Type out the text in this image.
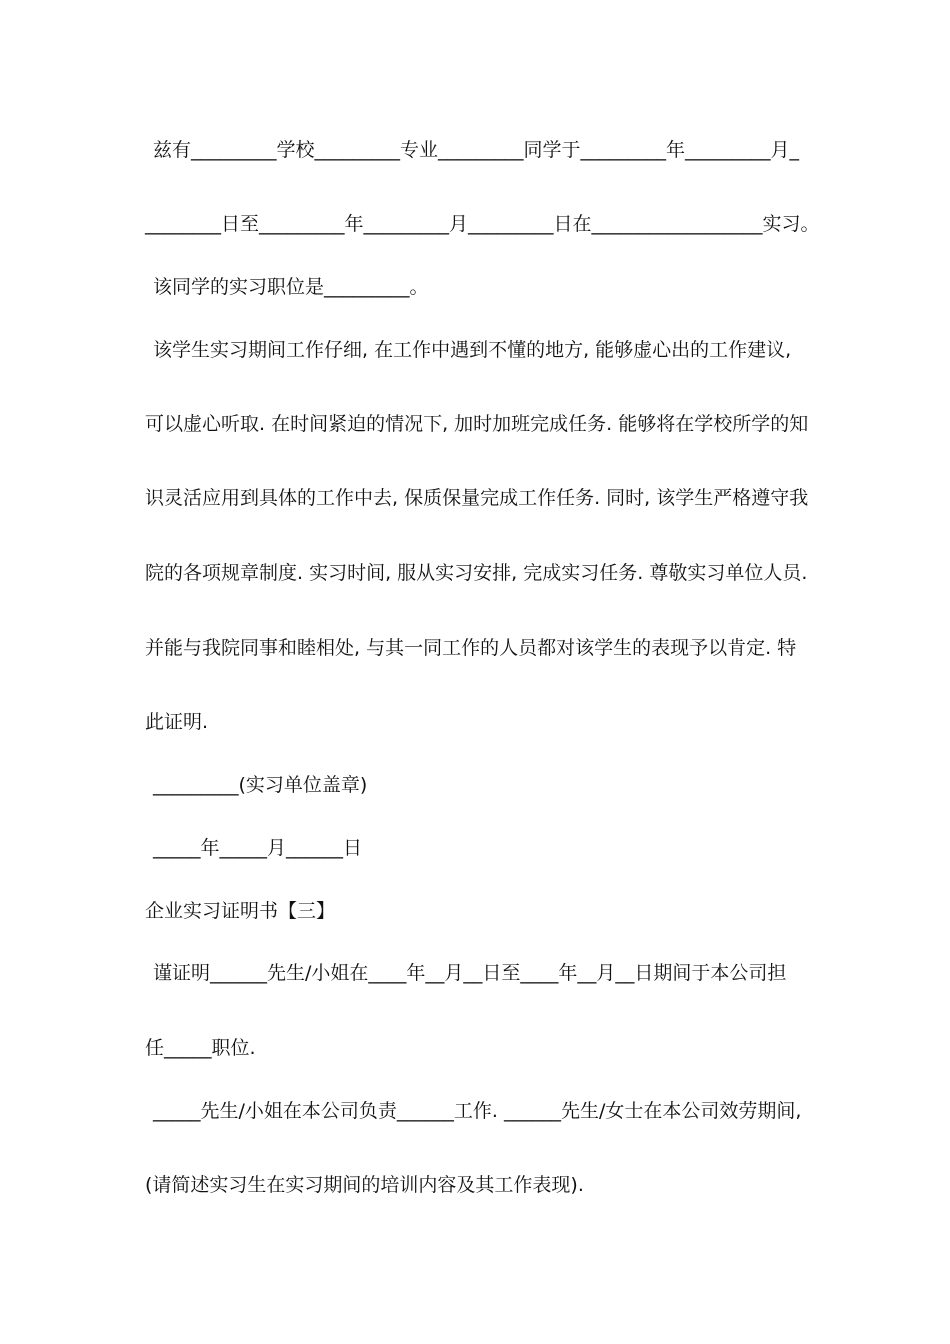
兹有_________学校_________专业_________同学于_________年_________月_
________日至_________年_________月_________日在__________________实习。
该同学的实习职位是_________。
该学生实习期间工作仔细, 在工作中遇到不懂的地方, 能够虚心出的工作建议,
可以虚心听取. 在时间紧迫的情况下, 加时加班完成任务. 能够将在学校所学的知
识灵活应用到具体的工作中去, 保质保量完成工作任务. 同时, 该学生严格遵守我
院的各项规章制度. 实习时间, 服从实习安排, 完成实习任务. 尊敬实习单位人员.
并能与我院同事和睦相处, 与其一同工作的人员都对该学生的表现予以肯定. 特
此证明.
_________(实习单位盖章)
_____年_____月______日
企业实习证明书【三】
谨证明______先生/小姐在____年__月__日至____年__月__日期间于本公司担
任_____职位.
_____先生/小姐在本公司负责______工作. ______先生/女士在本公司效劳期间,
(请简述实习生在实习期间的培训内容及其工作表现).
